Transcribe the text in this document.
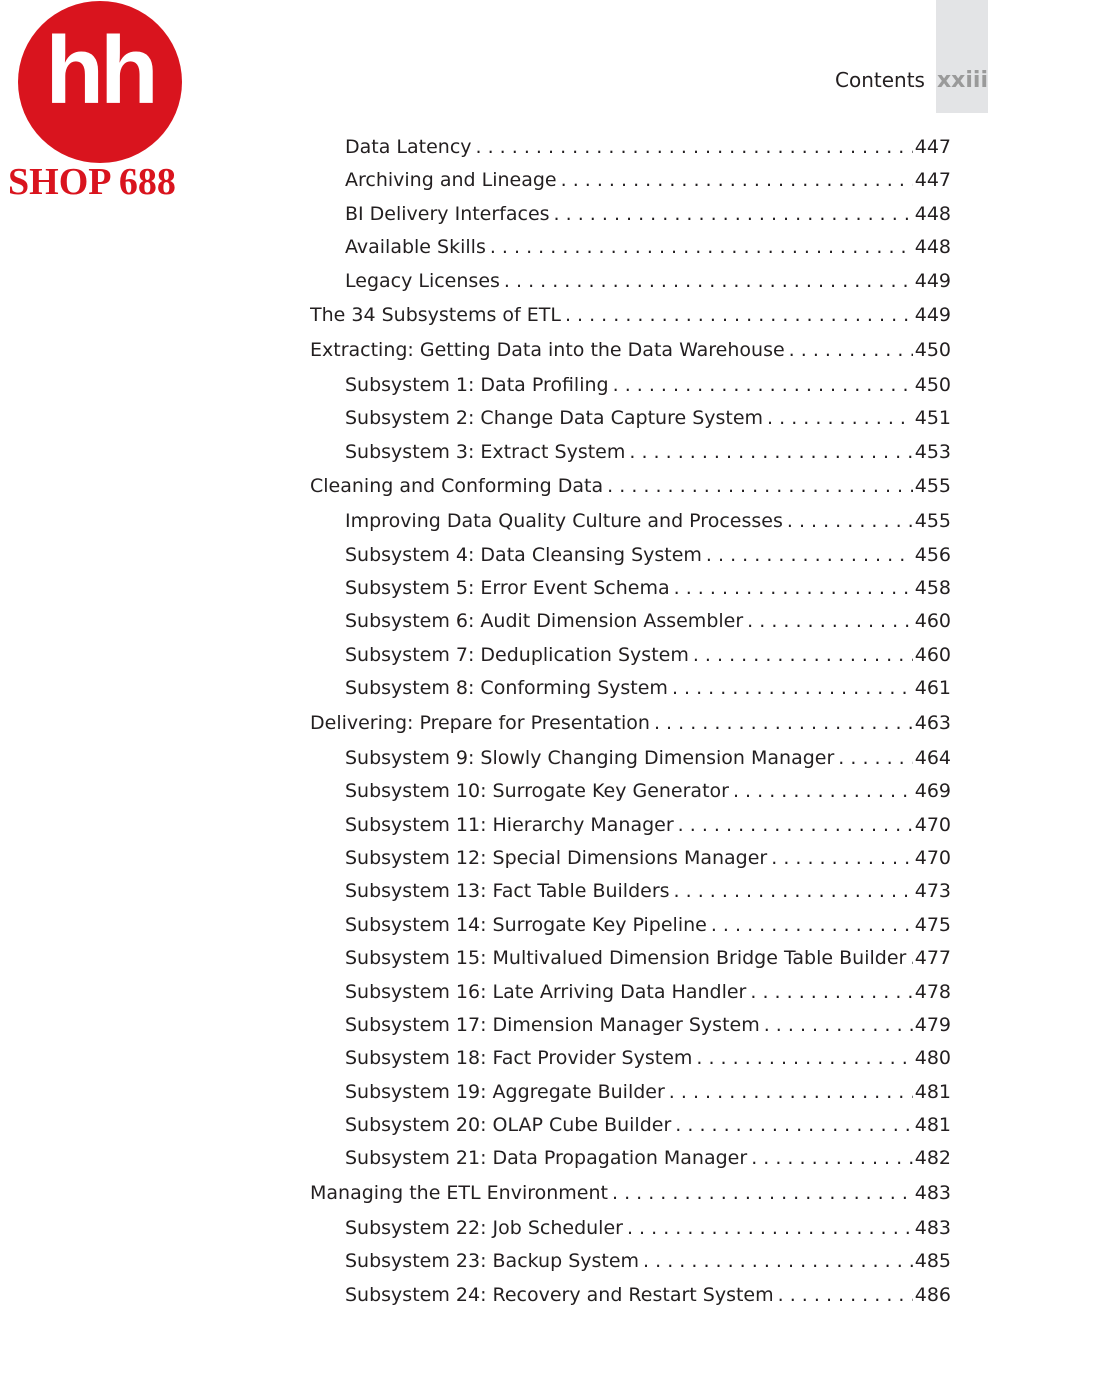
hh
SHOP 688
Contents xxiii
Data Latency . . .	447
Archiving and Lineage . . .	447
BI Delivery Interfaces . . .	448
Available Skills . . .	448
Legacy Licenses . . .	449
The 34 Subsystems of ETL . . .	449
Extracting: Getting Data into the Data Warehouse . . .	450
Subsystem 1: Data Profiling . . .	450
Subsystem 2: Change Data Capture System . . .	451
Subsystem 3: Extract System . . .	453
Cleaning and Conforming Data . . .	455
Improving Data Quality Culture and Processes . . .	455
Subsystem 4: Data Cleansing System . . .	456
Subsystem 5: Error Event Schema . . .	458
Subsystem 6: Audit Dimension Assembler . . .	460
Subsystem 7: Deduplication System . . .	460
Subsystem 8: Conforming System . . .	461
Delivering: Prepare for Presentation . . .	463
Subsystem 9: Slowly Changing Dimension Manager . . .	464
Subsystem 10: Surrogate Key Generator . . .	469
Subsystem 11: Hierarchy Manager . . .	470
Subsystem 12: Special Dimensions Manager . . .	470
Subsystem 13: Fact Table Builders . . .	473
Subsystem 14: Surrogate Key Pipeline . . .	475
Subsystem 15: Multivalued Dimension Bridge Table Builder . . . 477
Subsystem 16: Late Arriving Data Handler . . .	478
Subsystem 17: Dimension Manager System . . .	479
Subsystem 18: Fact Provider System . . .	480
Subsystem 19: Aggregate Builder . . .	481
Subsystem 20: OLAP Cube Builder . . .	481
Subsystem 21: Data Propagation Manager . . .	482
Managing the ETL Environment . . .	483
Subsystem 22: Job Scheduler . . .	483
Subsystem 23: Backup System . . .	485
Subsystem 24: Recovery and Restart System . . .	486
